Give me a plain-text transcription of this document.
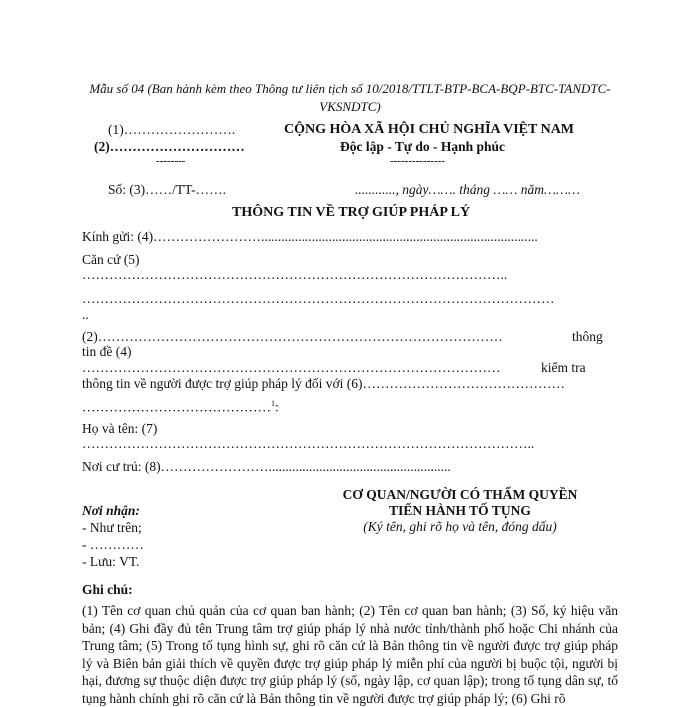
Mẫu số 04 (Ban hành kèm theo Thông tư liên tịch số 10/2018/TTLT-BTP-BCA-BQP-BTC-TANDTC-VKSNDTC)
(1)…………………….
(2)…………………………
--------
CỘNG HÒA XÃ HỘI CHỦ NGHĨA VIỆT NAM
Độc lập - Tự do - Hạnh phúc
---------------
Số: (3)……/TT-…….	............, ngày……. tháng …… năm………
THÔNG TIN VỀ TRỢ GIÚP PHÁP LÝ
Kính gửi: (4)……………………..................................................................................
Căn cứ (5)
…………………………………………………………………………………..
……………………………………………………………………………………………
..
(2)………………………………………………………………………………	thông
tin đề (4)
…………………………………………………………………………………	kiểm tra
thông tin về người được trợ giúp pháp lý đối với (6)………………………………………
……………………………………$^1$:
Họ và tên: (7)
………………………………………………………………………………………..
Nơi cư trú: (8)……………………......................................................
Nơi nhận:
- Như trên;
- …………
- Lưu: VT.
CƠ QUAN/NGƯỜI CÓ THẨM QUYỀN
TIẾN HÀNH TỐ TỤNG
(Ký tên, ghi rõ họ và tên, đóng dấu)
Ghi chú:
(1) Tên cơ quan chủ quản của cơ quan ban hành; (2) Tên cơ quan ban hành; (3) Số, ký hiệu văn bản; (4) Ghi đầy đủ tên Trung tâm trợ giúp pháp lý nhà nước tỉnh/thành phố hoặc Chi nhánh của Trung tâm; (5) Trong tố tụng hình sự, ghi rõ căn cứ là Bản thông tin về người được trợ giúp pháp lý và Biên bản giải thích về quyền được trợ giúp pháp lý miễn phí của người bị buộc tội, người bị hại, đương sự thuộc diện được trợ giúp pháp lý (số, ngày lập, cơ quan lập); trong tố tụng dân sự, tố tụng hành chính ghi rõ căn cứ là Bản thông tin về người được trợ giúp pháp lý; (6) Ghi rõ
